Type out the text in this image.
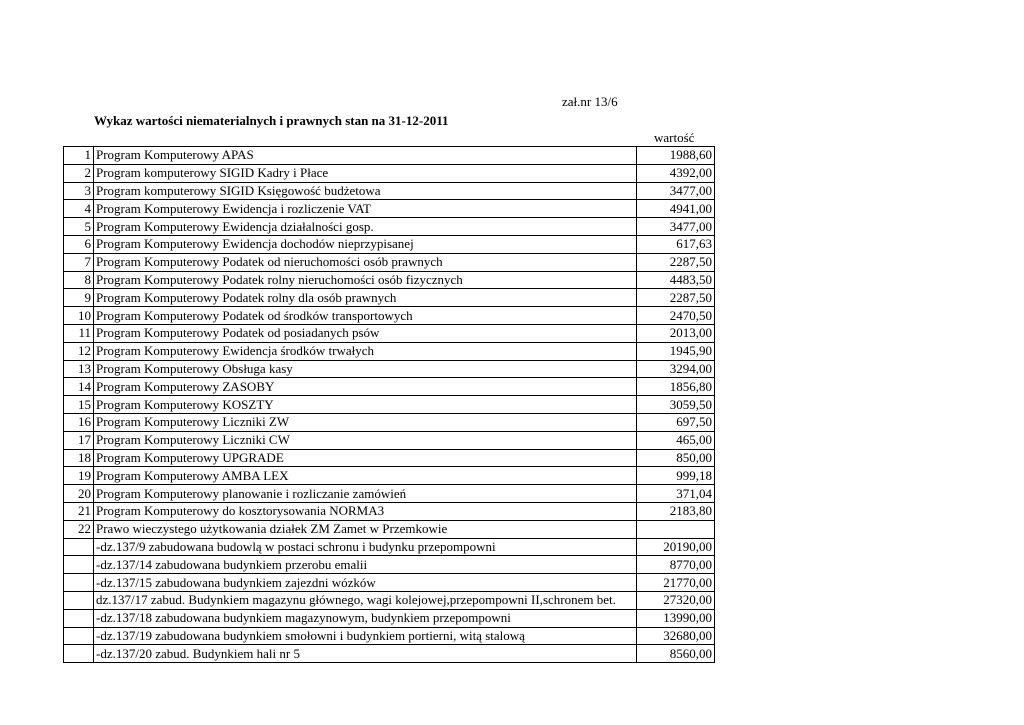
zał.nr 13/6
Wykaz wartości niematerialnych i prawnych stan na 31-12-2011
wartość
1	Program Komputerowy APAS	1988,60
2	Program komputerowy SIGID Kadry i Płace	4392,00
3	Program komputerowy SIGID Księgowość budżetowa	3477,00
4	Program Komputerowy Ewidencja i rozliczenie VAT	4941,00
5	Program Komputerowy Ewidencja działalności gosp.	3477,00
6	Program Komputerowy Ewidencja dochodów nieprzypisanej	617,63
7	Program Komputerowy Podatek od nieruchomości osób prawnych	2287,50
8	Program Komputerowy Podatek rolny nieruchomości osób fizycznych	4483,50
9	Program Komputerowy Podatek rolny dla osób prawnych	2287,50
10	Program Komputerowy Podatek od środków transportowych	2470,50
11	Program Komputerowy Podatek od posiadanych psów	2013,00
12	Program Komputerowy Ewidencja środków trwałych	1945,90
13	Program Komputerowy Obsługa kasy	3294,00
14	Program Komputerowy ZASOBY	1856,80
15	Program Komputerowy KOSZTY	3059,50
16	Program Komputerowy Liczniki ZW	697,50
17	Program Komputerowy Liczniki CW	465,00
18	Program Komputerowy UPGRADE	850,00
19	Program Komputerowy AMBA LEX	999,18
20	Program Komputerowy planowanie i rozliczanie zamówień	371,04
21	Program Komputerowy do kosztorysowania NORMA3	2183,80
22	Prawo wieczystego użytkowania działek ZM Zamet w Przemkowie	
	-dz.137/9 zabudowana budowlą w postaci schronu i budynku przepompowni	20190,00
	-dz.137/14 zabudowana budynkiem przerobu emalii	8770,00
	-dz.137/15 zabudowana budynkiem zajezdni wózków	21770,00
	dz.137/17 zabud. Budynkiem magazynu głównego, wagi kolejowej,przepompowni II,schronem bet.	27320,00
	-dz.137/18 zabudowana budynkiem magazynowym, budynkiem przepompowni	13990,00
	-dz.137/19 zabudowana budynkiem smołowni i budynkiem portierni, witą stalową	32680,00
	-dz.137/20 zabud. Budynkiem hali nr 5	8560,00
